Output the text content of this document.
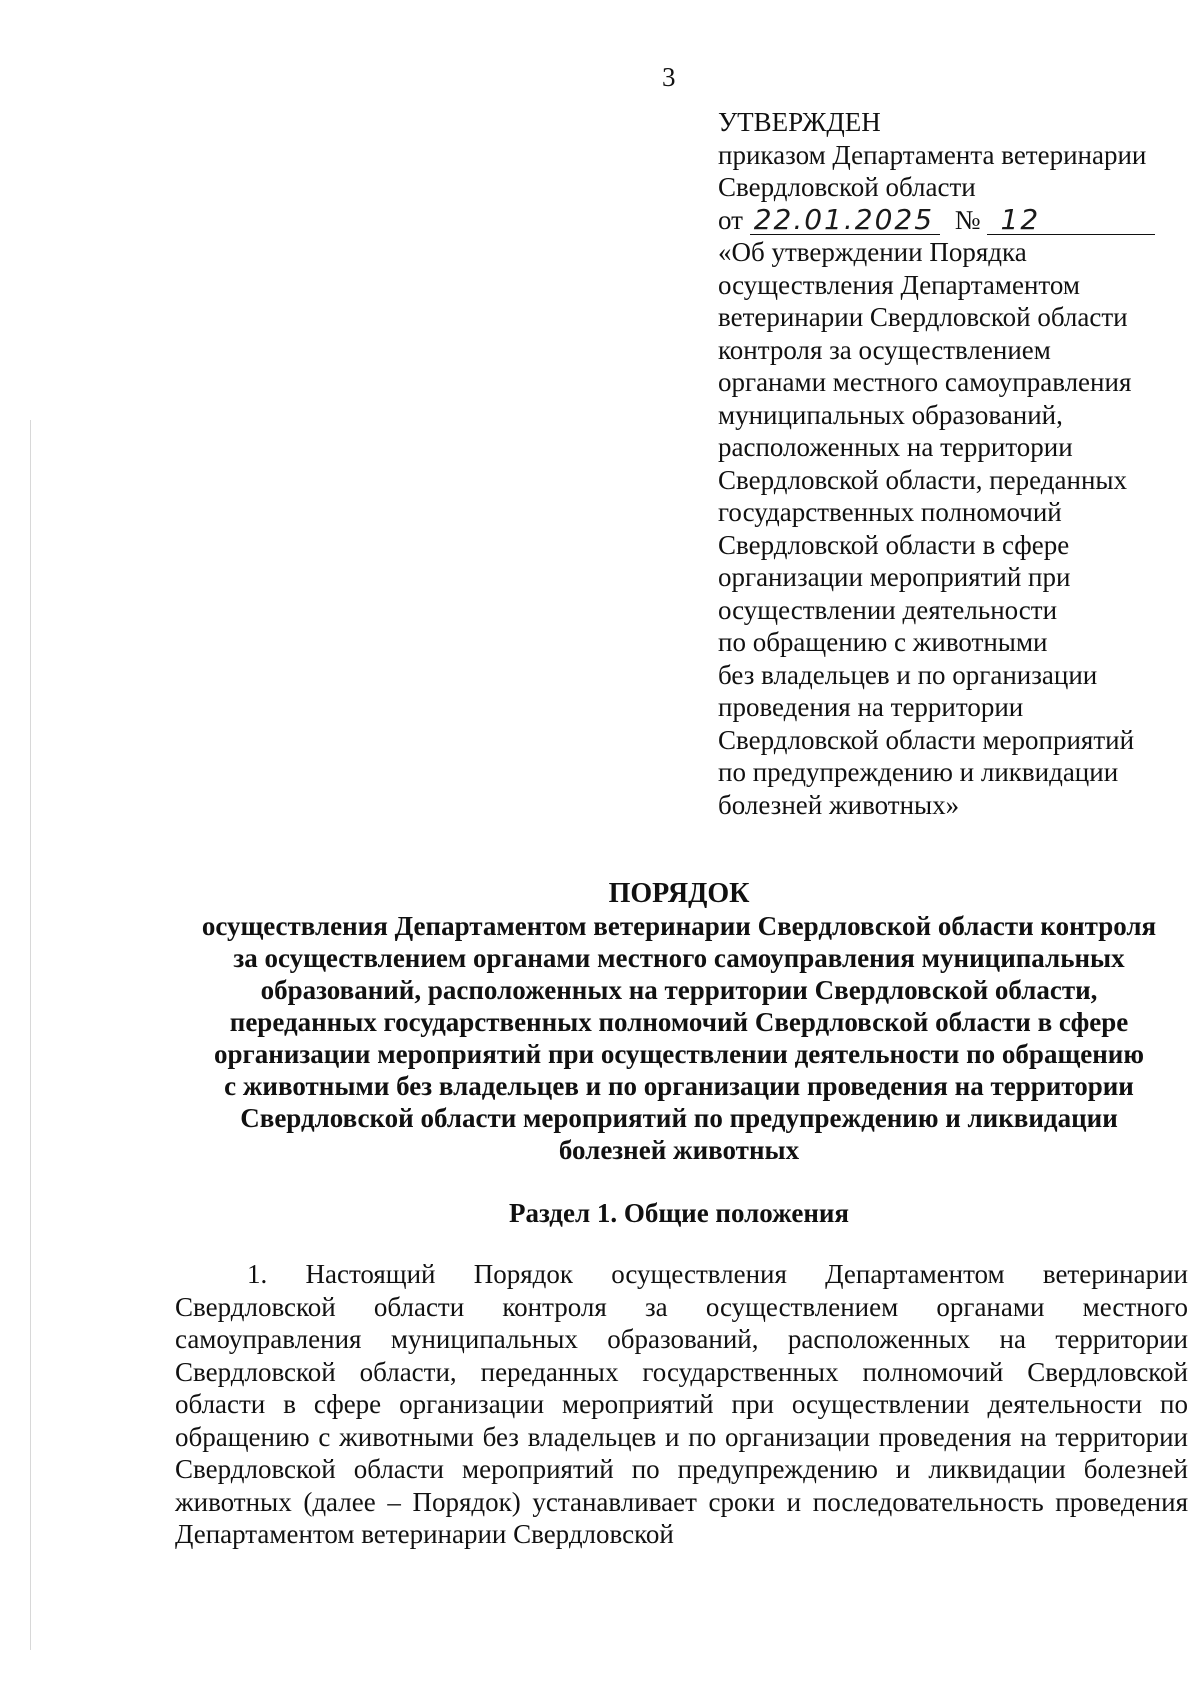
3
УТВЕРЖДЕН
приказом Департамента ветеринарии
Свердловской области
от 22.01.2025 № 12
«Об утверждении Порядка
осуществления Департаментом
ветеринарии Свердловской области
контроля за осуществлением
органами местного самоуправления
муниципальных образований,
расположенных на территории
Свердловской области, переданных
государственных полномочий
Свердловской области в сфере
организации мероприятий при
осуществлении деятельности
по обращению с животными
без владельцев и по организации
проведения на территории
Свердловской области мероприятий
по предупреждению и ликвидации
болезней животных»
ПОРЯДОК
осуществления Департаментом ветеринарии Свердловской области контроля
за осуществлением органами местного самоуправления муниципальных
образований, расположенных на территории Свердловской области,
переданных государственных полномочий Свердловской области в сфере
организации мероприятий при осуществлении деятельности по обращению
с животными без владельцев и по организации проведения на территории
Свердловской области мероприятий по предупреждению и ликвидации
болезней животных
Раздел 1. Общие положения
1. Настоящий Порядок осуществления Департаментом ветеринарии Свердловской области контроля за осуществлением органами местного самоуправления муниципальных образований, расположенных на территории Свердловской области, переданных государственных полномочий Свердловской области в сфере организации мероприятий при осуществлении деятельности по обращению с животными без владельцев и по организации проведения на территории Свердловской области мероприятий по предупреждению и ликвидации болезней животных (далее – Порядок) устанавливает сроки и последовательность проведения Департаментом ветеринарии Свердловской
